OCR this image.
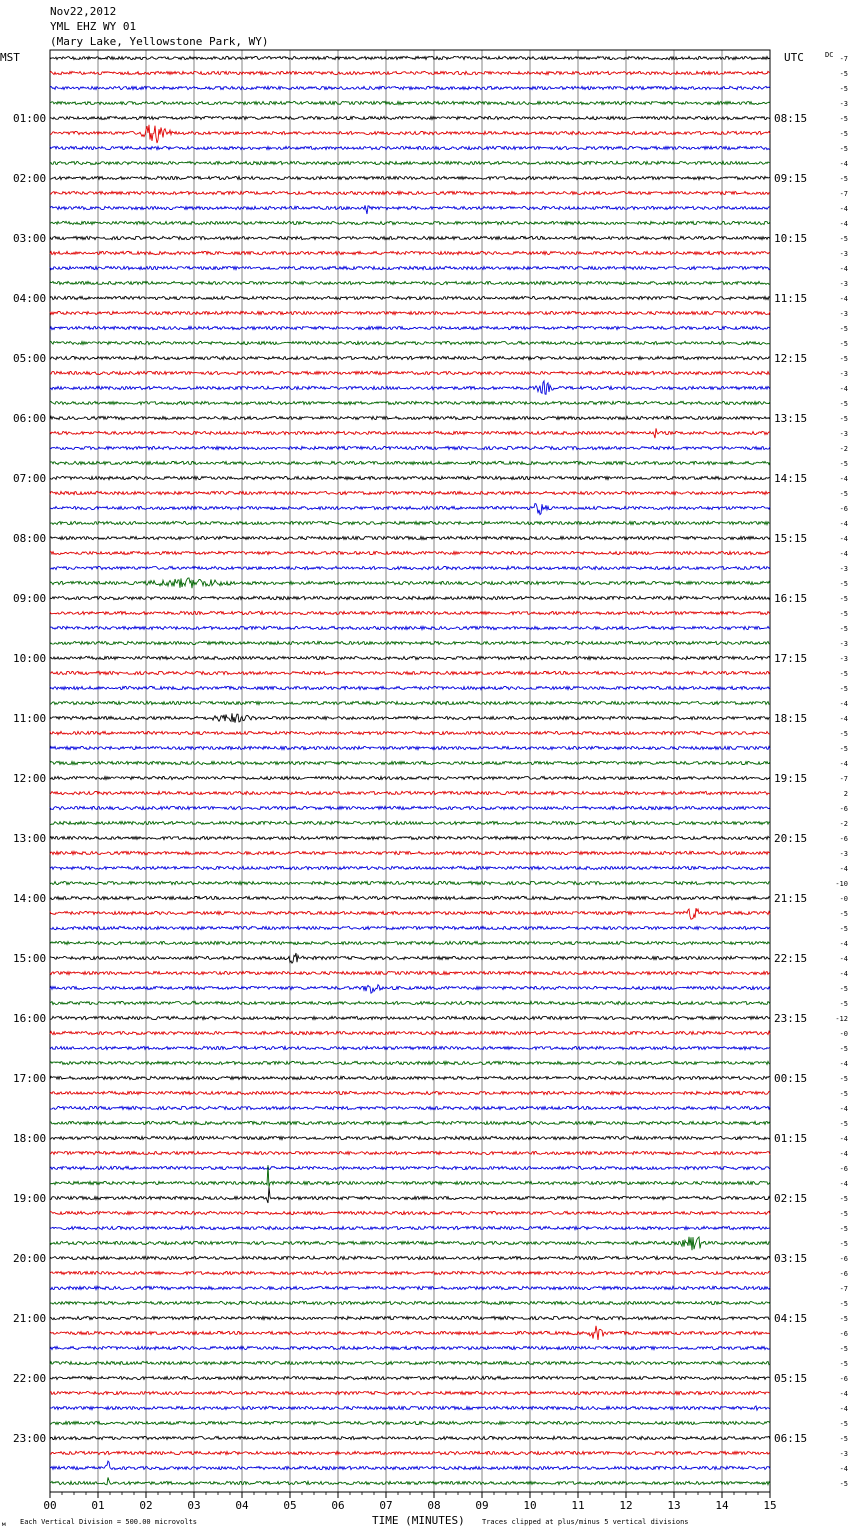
Nov22,2012
YML EHZ WY 01
(Mary Lake, Yellowstone Park, WY)
MST	UTC	DC
TIME (MINUTES)
Each Vertical Division = 500.00 microvolts	Traces clipped at plus/minus 5 vertical divisions
м
00	01	02	03	04	05	06	07	08	09	10	11	12	13	14	15
-7
-5
-5
-3
-5
-5
-5
-4
-5
-7
-4
-4
-5
-3
-4
-3
-4
-3
-5
-5
-5
-3
-4
-5
-5
-3
-2
-5
-4
-5
-6
-4
-4
-4
-3
-5
-5
-5
-5
-3
-3
-5
-5
-4
-4
-5
-5
-4
-7
2
-6
-2
-6
-3
-4
-10
-0
-5
-5
-4
-4
-4
-5
-5
-12
-0
-5
-4
-5
-5
-4
-5
-4
-4
-6
-4
-5
-5
-5
-5
-6
-6
-7
-5
-5
-6
-5
-5
-6
-4
-4
-5
-5
-3
-4
-5
01:00	08:15
02:00	09:15
03:00	10:15
04:00	11:15
05:00	12:15
06:00	13:15
07:00	14:15
08:00	15:15
09:00	16:15
10:00	17:15
11:00	18:15
12:00	19:15
13:00	20:15
14:00	21:15
15:00	22:15
16:00	23:15
17:00	00:15
18:00	01:15
19:00	02:15
20:00	03:15
21:00	04:15
22:00	05:15
23:00	06:15
